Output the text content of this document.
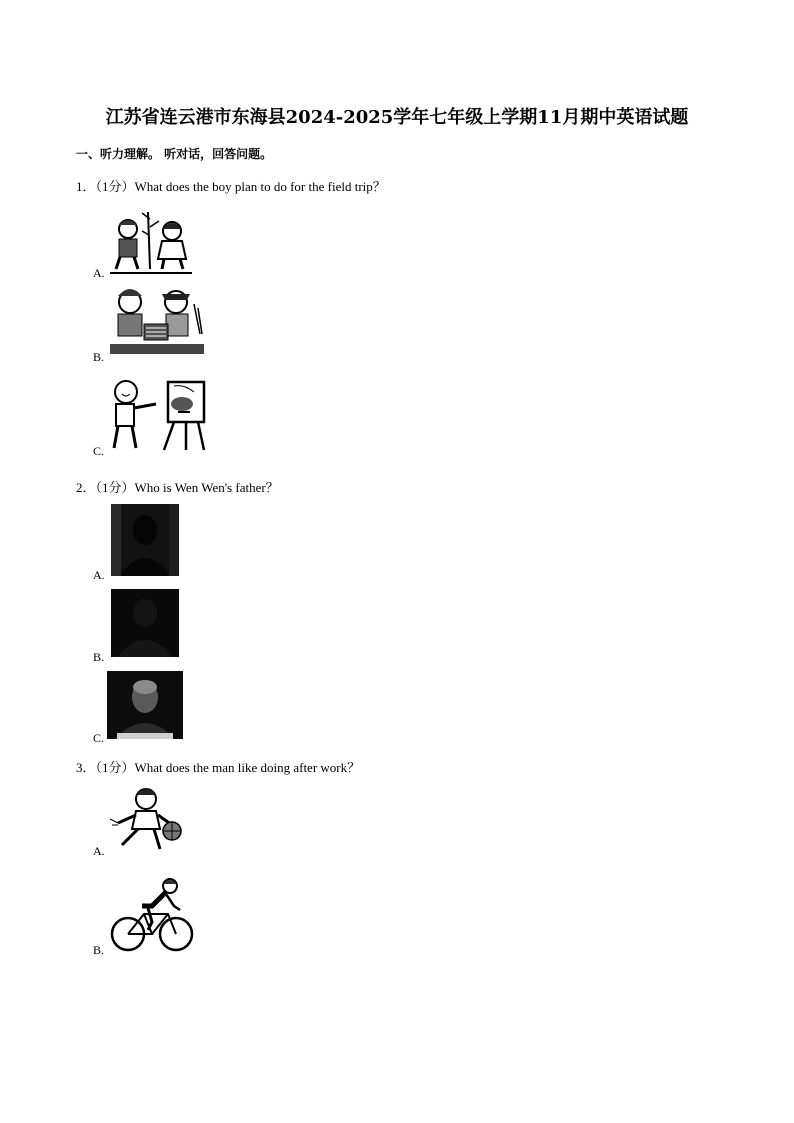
江苏省连云港市东海县2024-2025学年七年级上学期11月期中英语试题
一、听力理解。 听对话，回答问题。
1．（1分）What does the boy plan to do for the field trip？
A.
B.
C.
2．（1分）Who is Wen Wen's father？
A.
B.
C.
3．（1分）What does the man like doing after work？
A.
B.
